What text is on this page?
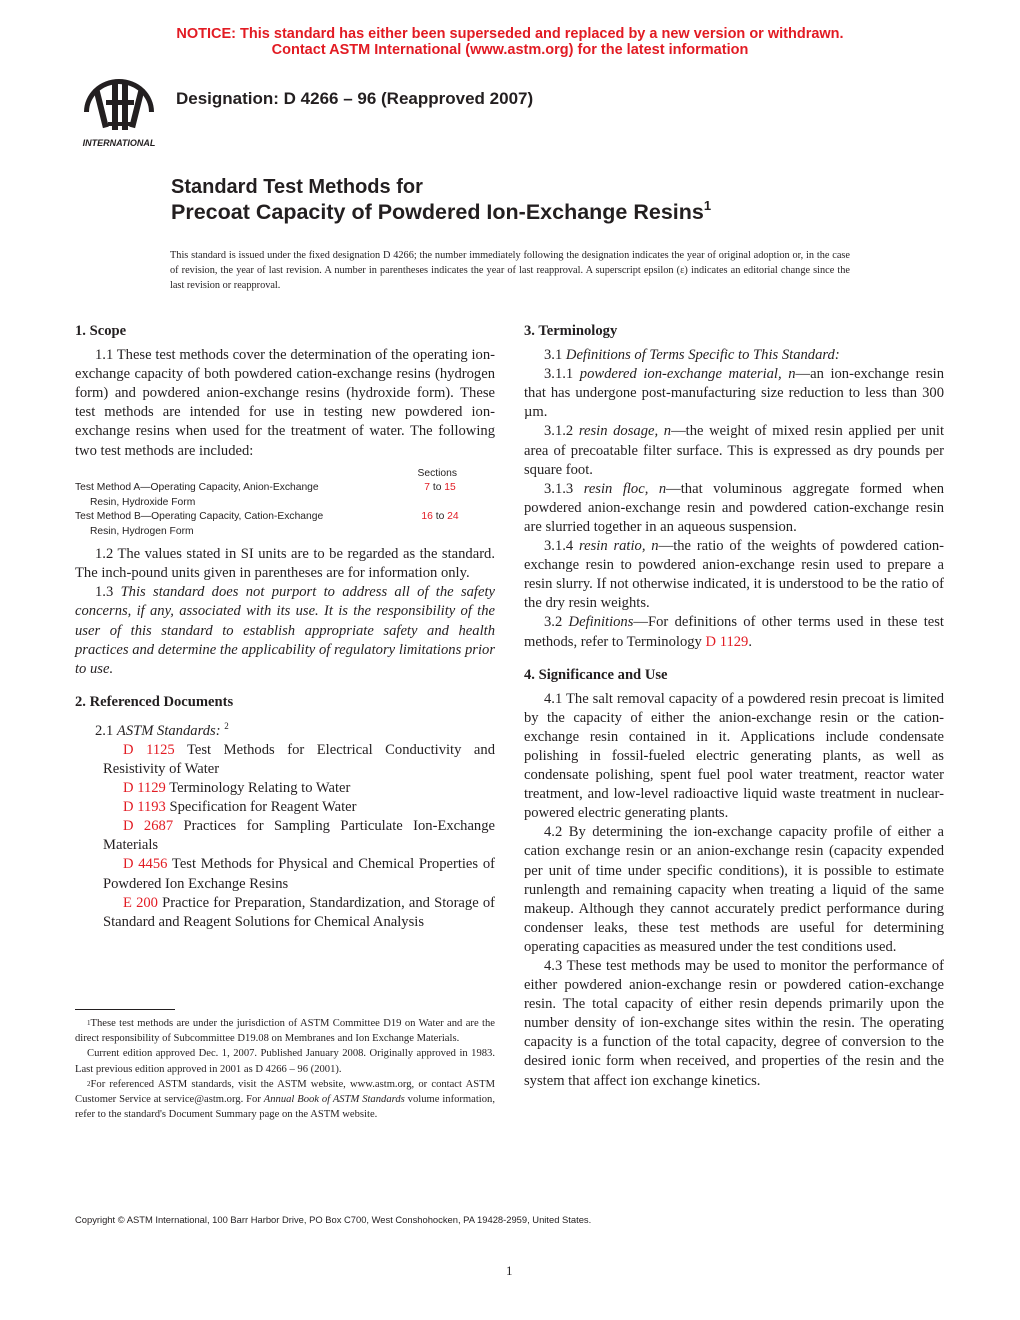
NOTICE: This standard has either been superseded and replaced by a new version or withdrawn.
Contact ASTM International (www.astm.org) for the latest information
INTERNATIONAL
Designation: D 4266 – 96 (Reapproved 2007)
Standard Test Methods for
Precoat Capacity of Powdered Ion-Exchange Resins$^1$
This standard is issued under the fixed designation D 4266; the number immediately following the designation indicates the year of original adoption or, in the case of revision, the year of last revision. A number in parentheses indicates the year of last reapproval. A superscript epsilon (ε) indicates an editorial change since the last revision or reapproval.

1. Scope

1.1 These test methods cover the determination of the operating ion-exchange capacity of both powdered cation-exchange resins (hydrogen form) and powdered anion-exchange resins (hydroxide form). These test methods are intended for use in testing new powdered ion-exchange resins when used for the treatment of water. The following two test methods are included:

Sections
Test Method A—Operating Capacity, Anion-Exchange	7 to 15
Resin, Hydroxide Form
Test Method B—Operating Capacity, Cation-Exchange	16 to 24
Resin, Hydrogen Form

1.2 The values stated in SI units are to be regarded as the standard. The inch-pound units given in parentheses are for information only.

1.3 This standard does not purport to address all of the safety concerns, if any, associated with its use. It is the responsibility of the user of this standard to establish appropriate safety and health practices and determine the applicability of regulatory limitations prior to use.

2. Referenced Documents

2.1 ASTM Standards: $^2$

D 1125 Test Methods for Electrical Conductivity and Resistivity of Water

D 1129 Terminology Relating to Water

D 1193 Specification for Reagent Water

D 2687 Practices for Sampling Particulate Ion-Exchange Materials

D 4456 Test Methods for Physical and Chemical Properties of Powdered Ion Exchange Resins

E 200 Practice for Preparation, Standardization, and Storage of Standard and Reagent Solutions for Chemical Analysis

$^1$These test methods are under the jurisdiction of ASTM Committee D19 on Water and are the direct responsibility of Subcommittee D19.08 on Membranes and Ion Exchange Materials.

Current edition approved Dec. 1, 2007. Published January 2008. Originally approved in 1983. Last previous edition approved in 2001 as D 4266 – 96 (2001).

$^2$For referenced ASTM standards, visit the ASTM website, www.astm.org, or contact ASTM Customer Service at service@astm.org. For Annual Book of ASTM Standards volume information, refer to the standard's Document Summary page on the ASTM website.

3. Terminology

3.1 Definitions of Terms Specific to This Standard:

3.1.1 powdered ion-exchange material, n—an ion-exchange resin that has undergone post-manufacturing size reduction to less than 300 µm.

3.1.2 resin dosage, n—the weight of mixed resin applied per unit area of precoatable filter surface. This is expressed as dry pounds per square foot.

3.1.3 resin floc, n—that voluminous aggregate formed when powdered anion-exchange resin and powdered cation-exchange resin are slurried together in an aqueous suspension.

3.1.4 resin ratio, n—the ratio of the weights of powdered cation-exchange resin to powdered anion-exchange resin used to prepare a resin slurry. If not otherwise indicated, it is understood to be the ratio of the dry resin weights.

3.2 Definitions—For definitions of other terms used in these test methods, refer to Terminology D 1129.

4. Significance and Use

4.1 The salt removal capacity of a powdered resin precoat is limited by the capacity of either the anion-exchange resin or the cation-exchange resin contained in it. Applications include condensate polishing in fossil-fueled electric generating plants, as well as condensate polishing, spent fuel pool water treatment, reactor water treatment, and low-level radioactive liquid waste treatment in nuclear-powered electric generating plants.

4.2 By determining the ion-exchange capacity profile of either a cation exchange resin or an anion-exchange resin (capacity expended per unit of time under specific conditions), it is possible to estimate runlength and remaining capacity when treating a liquid of the same makeup. Although they cannot accurately predict performance during condenser leaks, these test methods are useful for determining operating capacities as measured under the test conditions used.

4.3 These test methods may be used to monitor the performance of either powdered anion-exchange resin or powdered cation-exchange resin. The total capacity of either resin depends primarily upon the number density of ion-exchange sites within the resin. The operating capacity is a function of the total capacity, degree of conversion to the desired ionic form when received, and properties of the resin and the system that affect ion exchange kinetics.

Copyright © ASTM International, 100 Barr Harbor Drive, PO Box C700, West Conshohocken, PA 19428-2959, United States.
1
